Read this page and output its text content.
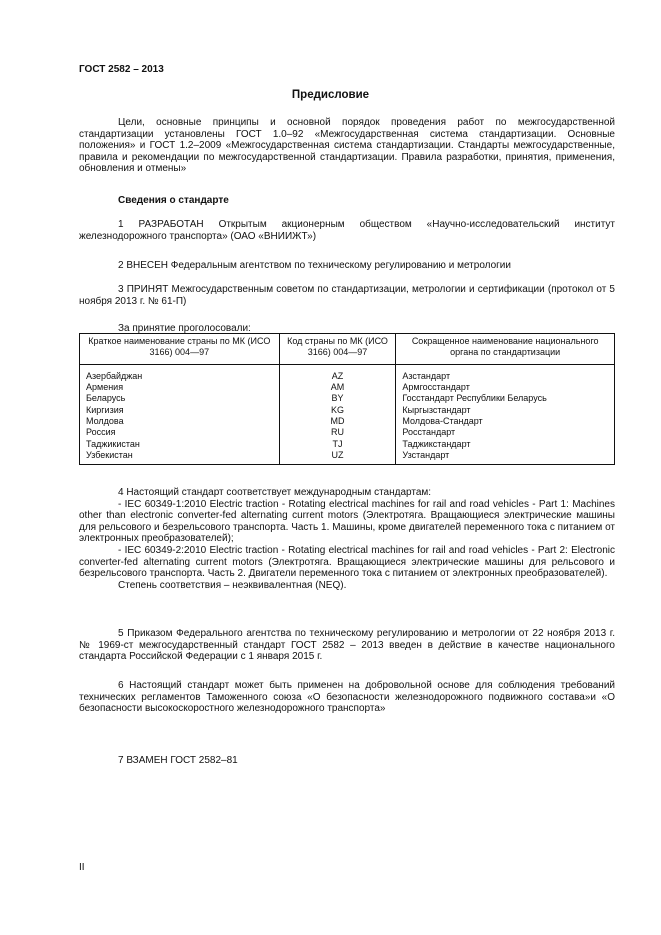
ГОСТ 2582 – 2013
Предисловие
Цели, основные принципы и основной порядок проведения работ по межгосударственной стандартизации установлены ГОСТ 1.0–92 «Межгосударственная система стандартизации. Основные положения» и ГОСТ 1.2–2009 «Межгосударственная система стандартизации. Стандарты межгосударственные, правила и рекомендации по межгосударственной стандартизации. Правила разработки, принятия, применения, обновления и отмены»
Сведения о стандарте
1 РАЗРАБОТАН Открытым акционерным обществом «Научно-исследовательский институт железнодорожного транспорта» (ОАО «ВНИИЖТ»)
2 ВНЕСЕН Федеральным агентством по техническому регулированию и метрологии
3 ПРИНЯТ Межгосударственным советом по стандартизации, метрологии и сертификации (протокол от 5 ноября 2013 г. № 61-П)
За принятие проголосовали:
Краткое наименование страны по МК (ИСО 3166) 004—97	Код страны по МК (ИСО 3166) 004—97	Сокращенное наименование национального органа по стандартизации
Азербайджан	AZ	Азстандарт
Армения	AM	Армгосстандарт
Беларусь	BY	Госстандарт Республики Беларусь
Киргизия	KG	Кыргызстандарт
Молдова	MD	Молдова-Стандарт
Россия	RU	Росстандарт
Таджикистан	TJ	Таджикстандарт
Узбекистан	UZ	Узстандарт

4 Настоящий стандарт соответствует международным стандартам:

- IEC 60349-1:2010 Electric traction - Rotating electrical machines for rail and road vehicles - Part 1: Machines other than electronic converter-fed alternating current motors (Электротяга. Вращающиеся электрические машины для рельсового и безрельсового транспорта. Часть 1. Машины, кроме двигателей переменного тока с питанием от электронных преобразователей);

- IEC 60349-2:2010 Electric traction - Rotating electrical machines for rail and road vehicles - Part 2: Electronic converter-fed alternating current motors (Электротяга. Вращающиеся электрические машины для рельсового и безрельсового транспорта. Часть 2. Двигатели переменного тока с питанием от электронных преобразователей).

Степень соответствия – неэквивалентная (NEQ).

5 Приказом Федерального агентства по техническому регулированию и метрологии от 22 ноября 2013 г. № 1969-ст межгосударственный стандарт ГОСТ 2582 – 2013 введен в действие в качестве национального стандарта Российской Федерации с 1 января 2015 г.
6 Настоящий стандарт может быть применен на добровольной основе для соблюдения требований технических регламентов Таможенного союза «О безопасности железнодорожного подвижного состава»и «О безопасности высокоскоростного железнодорожного транспорта»
7 ВЗАМЕН ГОСТ 2582–81
II
